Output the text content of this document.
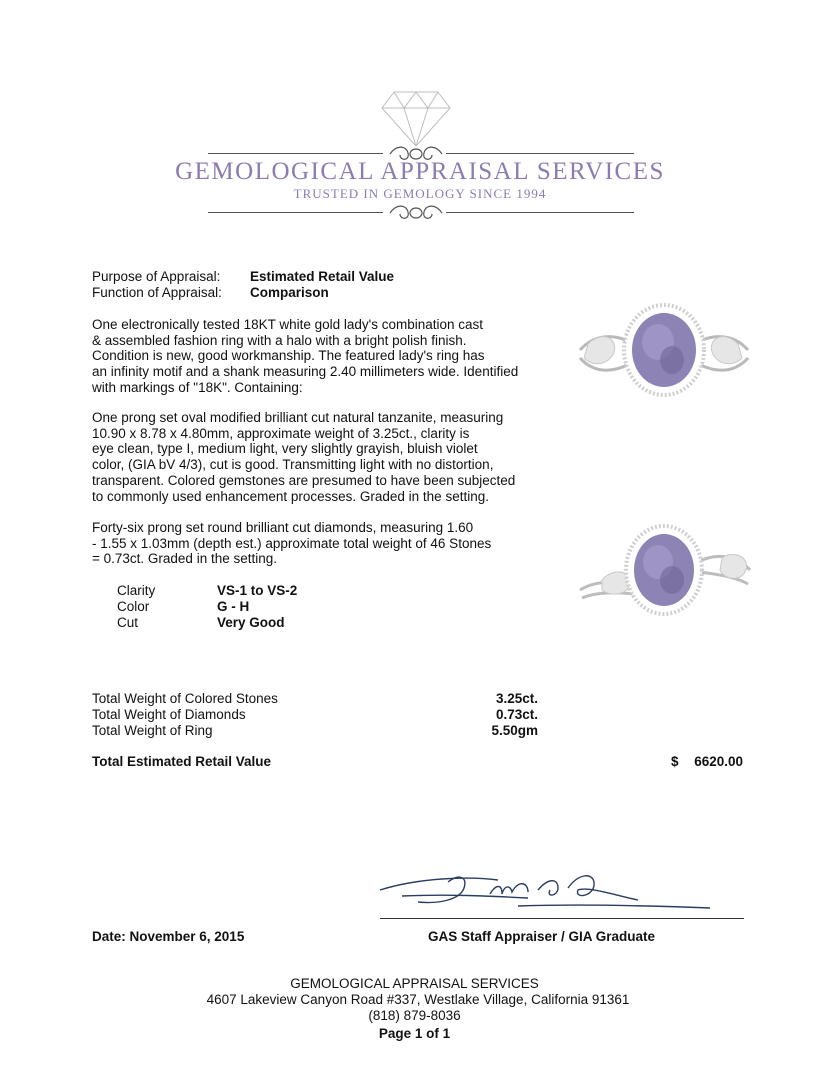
GEMOLOGICAL APPRAISAL SERVICES
TRUSTED IN GEMOLOGY SINCE 1994
Purpose of Appraisal: Estimated Retail Value
Function of Appraisal: Comparison
One electronically tested 18KT white gold lady's combination cast
& assembled fashion ring with a halo with a bright polish finish.
Condition is new, good workmanship. The featured lady's ring has
an infinity motif and a shank measuring 2.40 millimeters wide. Identified
with markings of "18K". Containing:
One prong set oval modified brilliant cut natural tanzanite, measuring
10.90 x 8.78 x 4.80mm, approximate weight of 3.25ct., clarity is
eye clean, type I, medium light, very slightly grayish, bluish violet
color, (GIA bV 4/3), cut is good. Transmitting light with no distortion,
transparent. Colored gemstones are presumed to have been subjected
to commonly used enhancement processes. Graded in the setting.
Forty-six prong set round brilliant cut diamonds, measuring 1.60
- 1.55 x 1.03mm (depth est.) approximate total weight of 46 Stones
= 0.73ct. Graded in the setting.
Clarity	VS-1 to VS-2
Color	G - H
Cut	Very Good
Total Weight of Colored Stones	3.25ct.
Total Weight of Diamonds	0.73ct.
Total Weight of Ring	5.50gm
Total Estimated Retail Value	$	6620.00
Date: November 6, 2015	GAS Staff Appraiser / GIA Graduate
GEMOLOGICAL APPRAISAL SERVICES
4607 Lakeview Canyon Road #337, Westlake Village, California 91361
(818) 879-8036
Page 1 of 1
